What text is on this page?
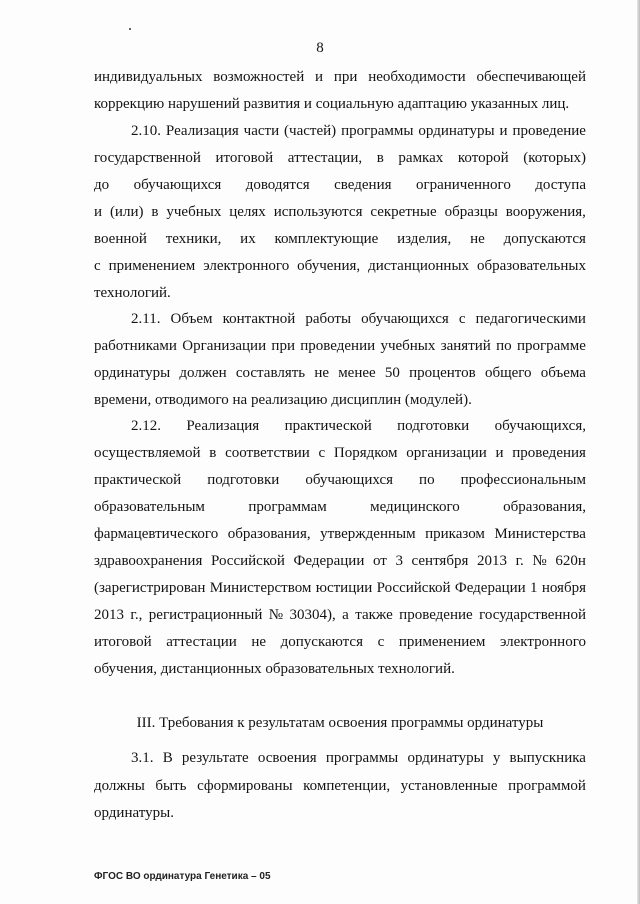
8
индивидуальных возможностей и при необходимости обеспечивающей
коррекцию нарушений развития и социальную адаптацию указанных лиц.
2.10. Реализация части (частей) программы ординатуры и проведение
государственной итоговой аттестации, в рамках которой (которых)
до обучающихся доводятся сведения ограниченного доступа
и (или) в учебных целях используются секретные образцы вооружения,
военной техники, их комплектующие изделия, не допускаются
с применением электронного обучения, дистанционных образовательных
технологий.
2.11. Объем контактной работы обучающихся с педагогическими
работниками Организации при проведении учебных занятий по программе
ординатуры должен составлять не менее 50 процентов общего объема
времени, отводимого на реализацию дисциплин (модулей).
2.12. Реализация практической подготовки обучающихся,
осуществляемой в соответствии с Порядком организации и проведения
практической подготовки обучающихся по профессиональным
образовательным	программам	медицинского	образования,
фармацевтического образования, утвержденным приказом Министерства
здравоохранения Российской Федерации от 3 сентября 2013 г. № 620н
(зарегистрирован Министерством юстиции Российской Федерации 1 ноября
2013 г., регистрационный № 30304), а также проведение государственной
итоговой аттестации не допускаются с применением электронного
обучения, дистанционных образовательных технологий.
III. Требования к результатам освоения программы ординатуры
3.1. В результате освоения программы ординатуры у выпускника
должны быть сформированы компетенции, установленные программой
ординатуры.
ФГОС ВО ординатура Генетика – 05
